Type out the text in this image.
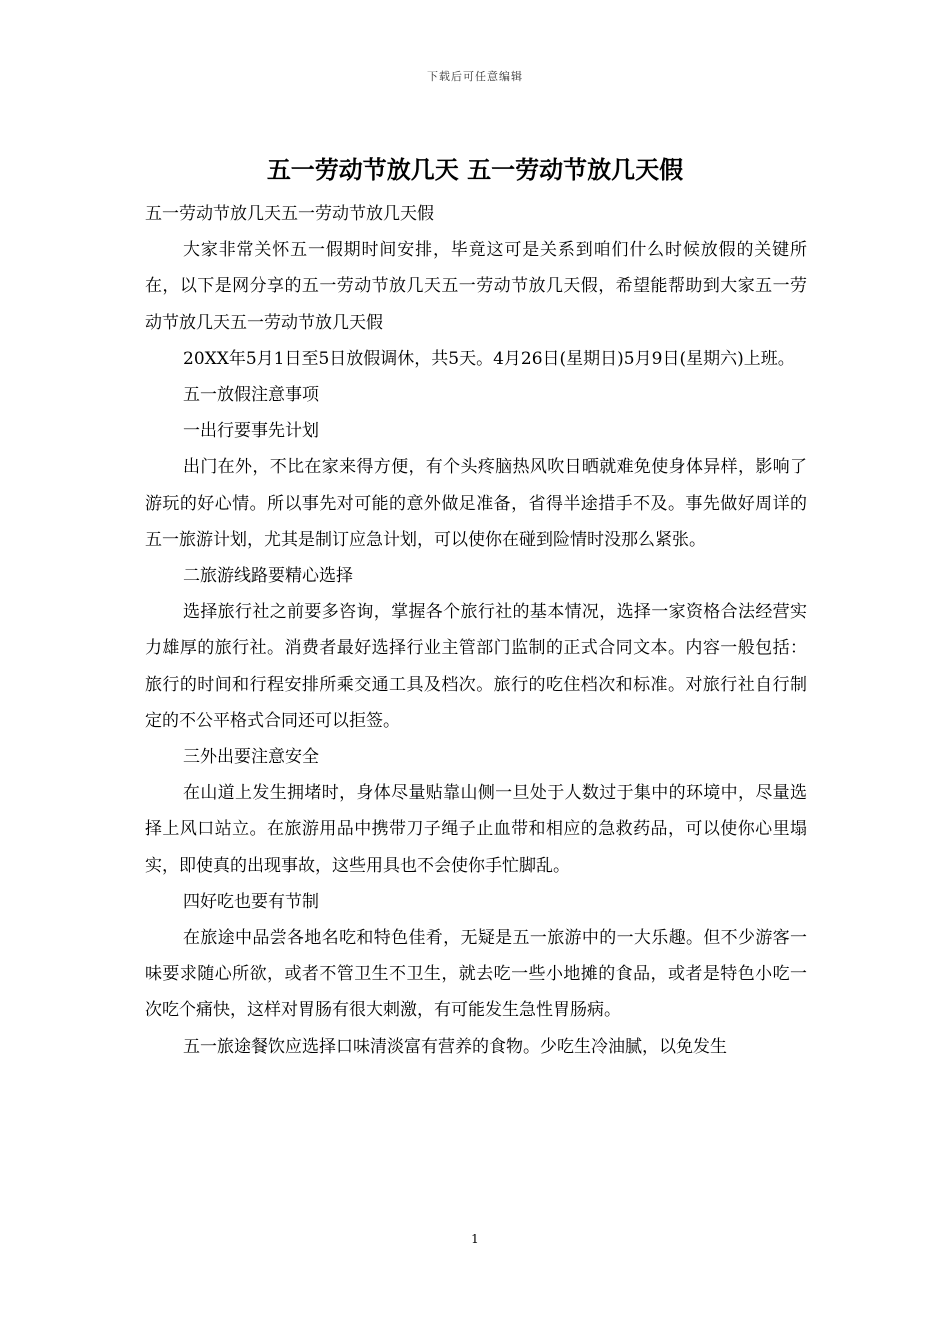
下载后可任意编辑
五一劳动节放几天 五一劳动节放几天假

五一劳动节放几天五一劳动节放几天假

大家非常关怀五一假期时间安排，毕竟这可是关系到咱们什么时候放假的关键所在，以下是网分享的五一劳动节放几天五一劳动节放几天假，希望能帮助到大家五一劳动节放几天五一劳动节放几天假

20XX年5月1日至5日放假调休，共5天。4月26日(星期日)5月9日(星期六)上班。

五一放假注意事项

一出行要事先计划

出门在外，不比在家来得方便，有个头疼脑热风吹日晒就难免使身体异样，影响了游玩的好心情。所以事先对可能的意外做足准备，省得半途措手不及。事先做好周详的五一旅游计划，尤其是制订应急计划，可以使你在碰到险情时没那么紧张。

二旅游线路要精心选择

选择旅行社之前要多咨询，掌握各个旅行社的基本情况，选择一家资格合法经营实力雄厚的旅行社。消费者最好选择行业主管部门监制的正式合同文本。内容一般包括：旅行的时间和行程安排所乘交通工具及档次。旅行的吃住档次和标准。对旅行社自行制定的不公平格式合同还可以拒签。

三外出要注意安全

在山道上发生拥堵时，身体尽量贴靠山侧一旦处于人数过于集中的环境中，尽量选择上风口站立。在旅游用品中携带刀子绳子止血带和相应的急救药品，可以使你心里塌实，即使真的出现事故，这些用具也不会使你手忙脚乱。

四好吃也要有节制

在旅途中品尝各地名吃和特色佳肴，无疑是五一旅游中的一大乐趣。但不少游客一味要求随心所欲，或者不管卫生不卫生，就去吃一些小地摊的食品，或者是特色小吃一次吃个痛快，这样对胃肠有很大刺激，有可能发生急性胃肠病。

五一旅途餐饮应选择口味清淡富有营养的食物。少吃生冷油腻，以免发生

1
